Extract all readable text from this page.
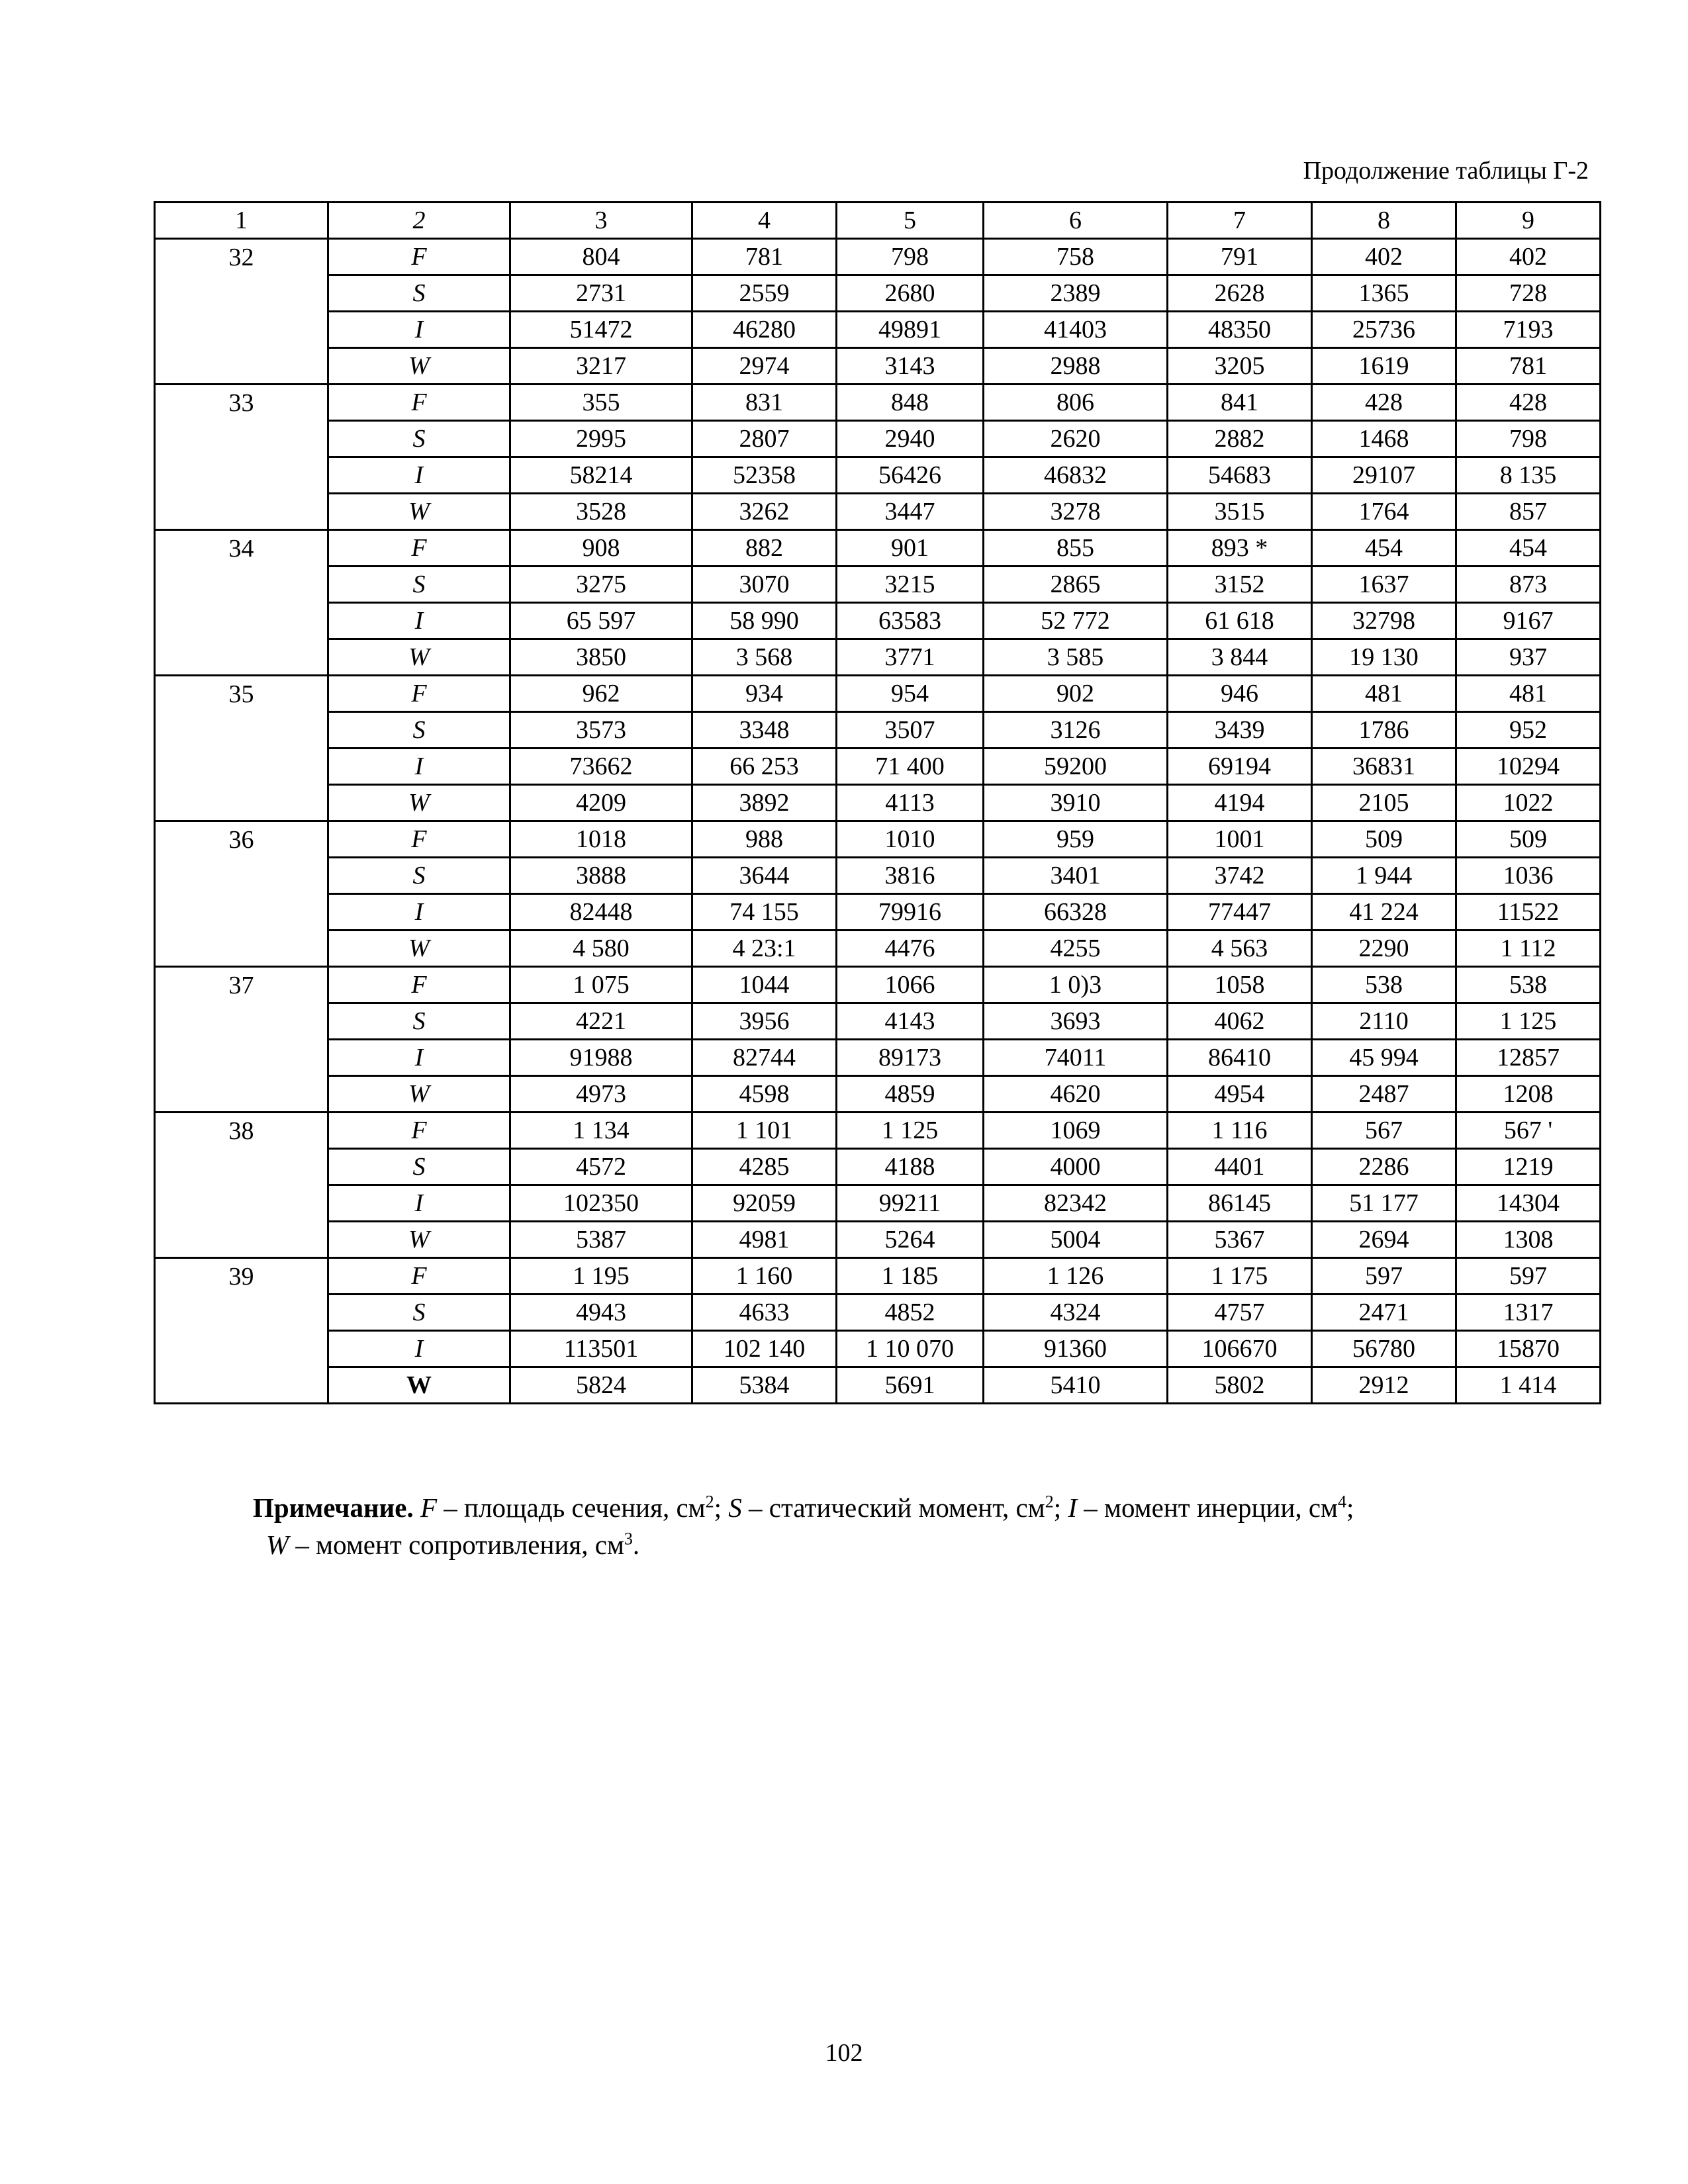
Продолжение таблицы Г-2
1	2	3	4	5	6	7	8	9
32	F	804	781	798	758	791	402	402
	S	2731	2559	2680	2389	2628	1365	728
	I	51472	46280	49891	41403	48350	25736	7193
	W	3217	2974	3143	2988	3205	1619	781
33	F	355	831	848	806	841	428	428
	S	2995	2807	2940	2620	2882	1468	798
	I	58214	52358	56426	46832	54683	29107	8 135
	W	3528	3262	3447	3278	3515	1764	857
34	F	908	882	901	855	893 *	454	454
	S	3275	3070	3215	2865	3152	1637	873
	I	65 597	58 990	63583	52 772	61 618	32798	9167
	W	3850	3 568	3771	3 585	3 844	19 130	937
35	F	962	934	954	902	946	481	481
	S	3573	3348	3507	3126	3439	1786	952
	I	73662	66 253	71 400	59200	69194	36831	10294
	W	4209	3892	4113	3910	4194	2105	1022
36	F	1018	988	1010	959	1001	509	509
	S	3888	3644	3816	3401	3742	1 944	1036
	I	82448	74 155	79916	66328	77447	41 224	11522
	W	4 580	4 23:1	4476	4255	4 563	2290	1 112
37	F	1 075	1044	1066	1 0)3	1058	538	538
	S	4221	3956	4143	3693	4062	2110	1 125
	I	91988	82744	89173	74011	86410	45 994	12857
	W	4973	4598	4859	4620	4954	2487	1208
38	F	1 134	1 101	1 125	1069	1 116	567	567 '
	S	4572	4285	4188	4000	4401	2286	1219
	I	102350	92059	99211	82342	86145	51 177	14304
	W	5387	4981	5264	5004	5367	2694	1308
39	F	1 195	1 160	1 185	1 126	1 175	597	597
	S	4943	4633	4852	4324	4757	2471	1317
	I	113501	102 140	1 10 070	91360	106670	56780	15870
	W	5824	5384	5691	5410	5802	2912	1 414

Примечание. F – площадь сечения, $см^2$; S – статический момент, $см^2$; I – момент инерции, $см^4$;

W – момент сопротивления, $см^3$.

102
